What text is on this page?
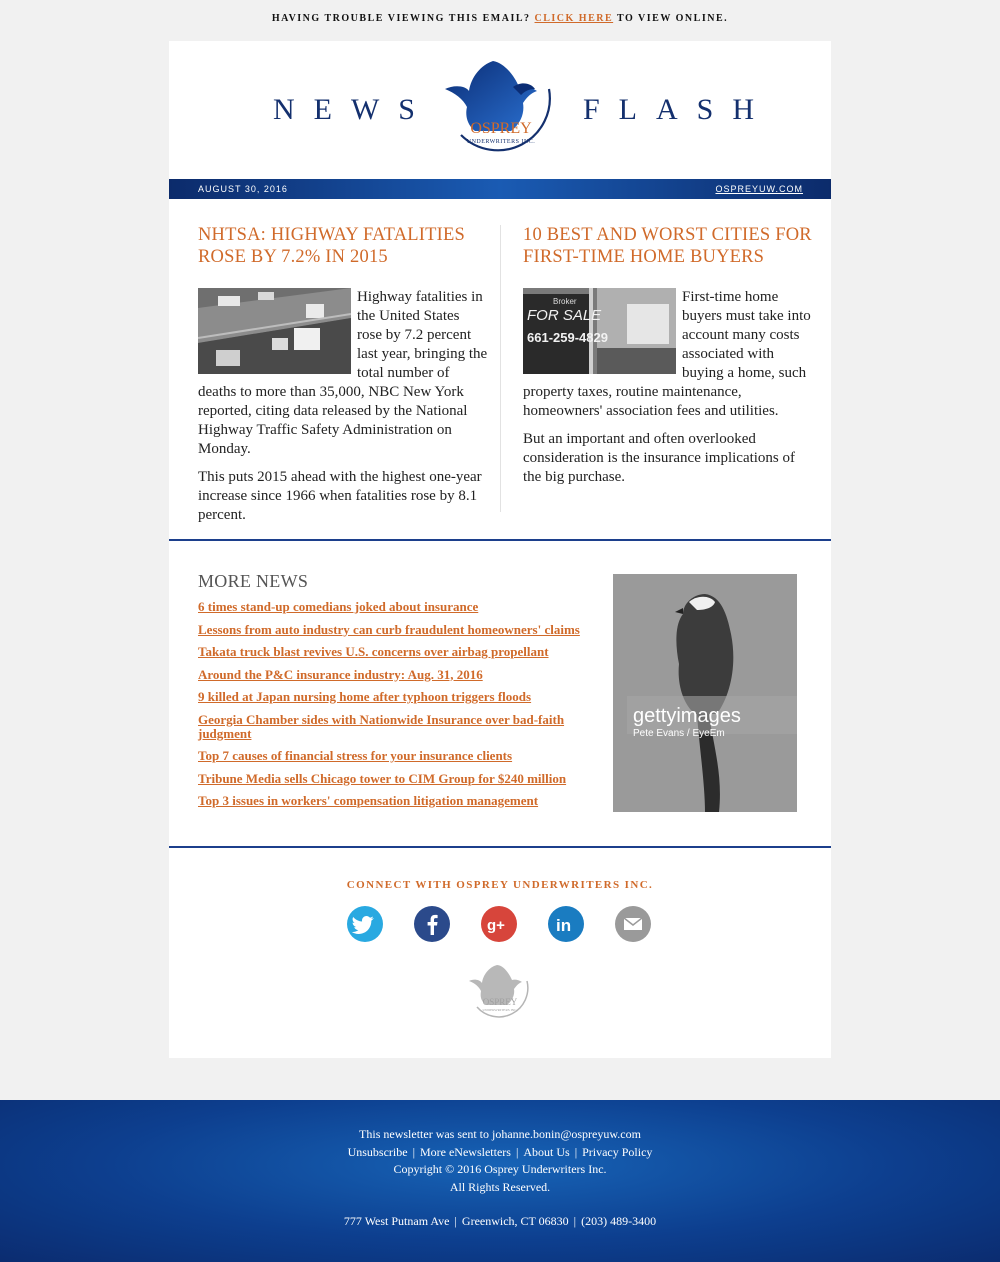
HAVING TROUBLE VIEWING THIS EMAIL? CLICK HERE TO VIEW ONLINE.
NEWS
OSPREY
UNDERWRITERS INC.
FLASH
AUGUST 30, 2016	OSPREYUW.COM
NHTSA: HIGHWAY FATALITIES ROSE BY 7.2% IN 2015

Highway fatalities in the United States rose by 7.2 percent last year, bringing the total number of deaths to more than 35,000, NBC New York reported, citing data released by the National Highway Traffic Safety Administration on Monday.

This puts 2015 ahead with the highest one-year increase since 1966 when fatalities rose by 8.1 percent.

10 BEST AND WORST CITIES FOR FIRST-TIME HOME BUYERS
Broker
FOR SALE
661-259-4829

First-time home buyers must take into account many costs associated with buying a home, such property taxes, routine maintenance, homeowners' association fees and utilities.

But an important and often overlooked consideration is the insurance implications of the big purchase.

MORE NEWS
6 times stand-up comedians joked about insurance
Lessons from auto industry can curb fraudulent homeowners' claims
Takata truck blast revives U.S. concerns over airbag propellant
Around the P&C insurance industry: Aug. 31, 2016
9 killed at Japan nursing home after typhoon triggers floods
Georgia Chamber sides with Nationwide Insurance over bad-faith judgment
Top 7 causes of financial stress for your insurance clients
Tribune Media sells Chicago tower to CIM Group for $240 million
Top 3 issues in workers' compensation litigation management
gettyimages
Pete Evans / EyeEm
CONNECT WITH OSPREY UNDERWRITERS INC.
g+	in
OSPREY
UNDERWRITERS INC.
This newsletter was sent to johanne.bonin@ospreyuw.com
Unsubscribe | More eNewsletters | About Us | Privacy Policy
Copyright © 2016 Osprey Underwriters Inc.
All Rights Reserved.
777 West Putnam Ave | Greenwich, CT 06830 | (203) 489-3400
